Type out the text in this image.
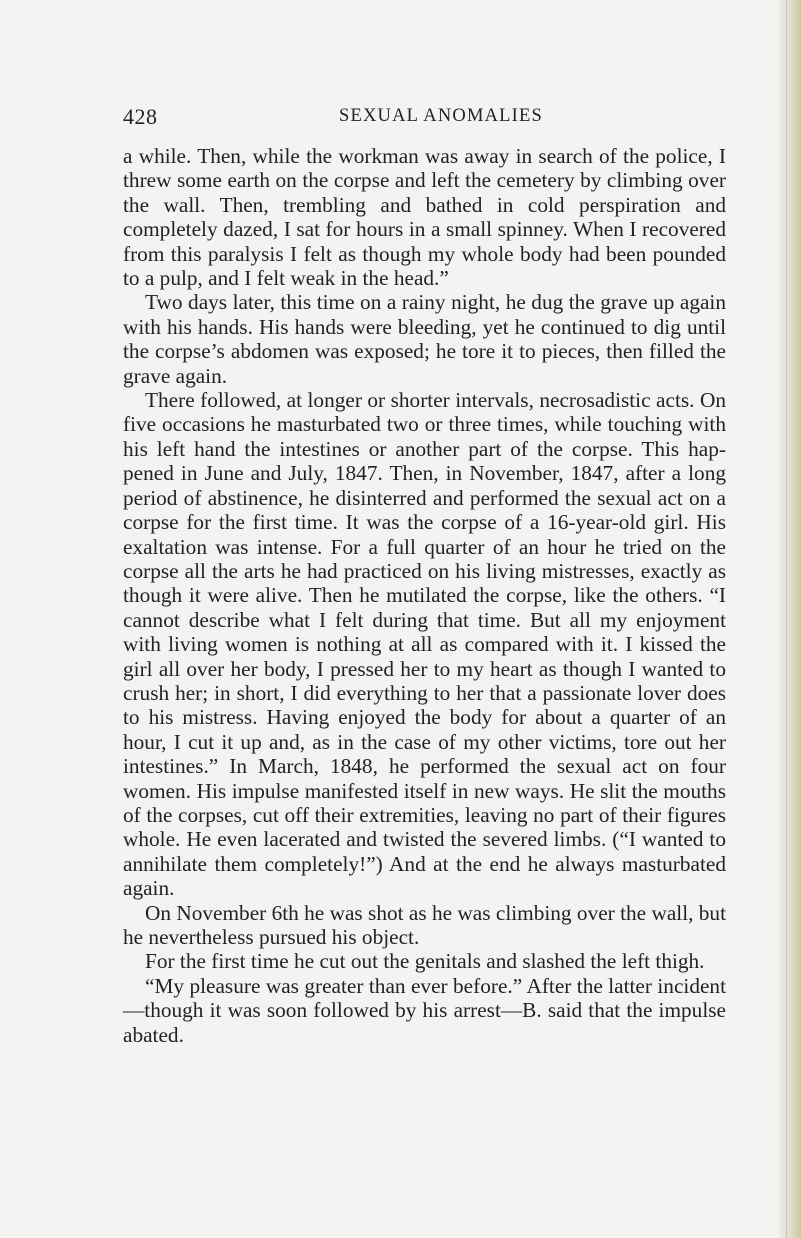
428	SEXUAL ANOMALIES

a while. Then, while the workman was away in search of the police, I threw some earth on the corpse and left the cemetery by climbing over the wall. Then, trembling and bathed in cold perspiration and completely dazed, I sat for hours in a small spinney. When I recovered from this paralysis I felt as though my whole body had been pounded to a pulp, and I felt weak in the head.”

Two days later, this time on a rainy night, he dug the grave up again with his hands. His hands were bleeding, yet he continued to dig until the corpse’s abdomen was exposed; he tore it to pieces, then filled the grave again.

There followed, at longer or shorter intervals, necrosadistic acts. On five occasions he masturbated two or three times, while touching with his left hand the intestines or another part of the corpse. This happened in June and July, 1847. Then, in November, 1847, after a long period of abstinence, he disinterred and performed the sexual act on a corpse for the first time. It was the corpse of a 16-year-old girl. His exaltation was intense. For a full quarter of an hour he tried on the corpse all the arts he had practiced on his living mistresses, exactly as though it were alive. Then he mutilated the corpse, like the others. “I cannot describe what I felt during that time. But all my enjoyment with living women is nothing at all as compared with it. I kissed the girl all over her body, I pressed her to my heart as though I wanted to crush her; in short, I did everything to her that a passionate lover does to his mistress. Having enjoyed the body for about a quarter of an hour, I cut it up and, as in the case of my other victims, tore out her intestines.” In March, 1848, he performed the sexual act on four women. His impulse manifested itself in new ways. He slit the mouths of the corpses, cut off their extremities, leaving no part of their figures whole. He even lacerated and twisted the severed limbs. (“I wanted to annihilate them completely!”) And at the end he always masturbated again.

On November 6th he was shot as he was climbing over the wall, but he nevertheless pursued his object.

For the first time he cut out the genitals and slashed the left thigh.

“My pleasure was greater than ever before.” After the latter incident—though it was soon followed by his arrest—B. said that the impulse abated.
